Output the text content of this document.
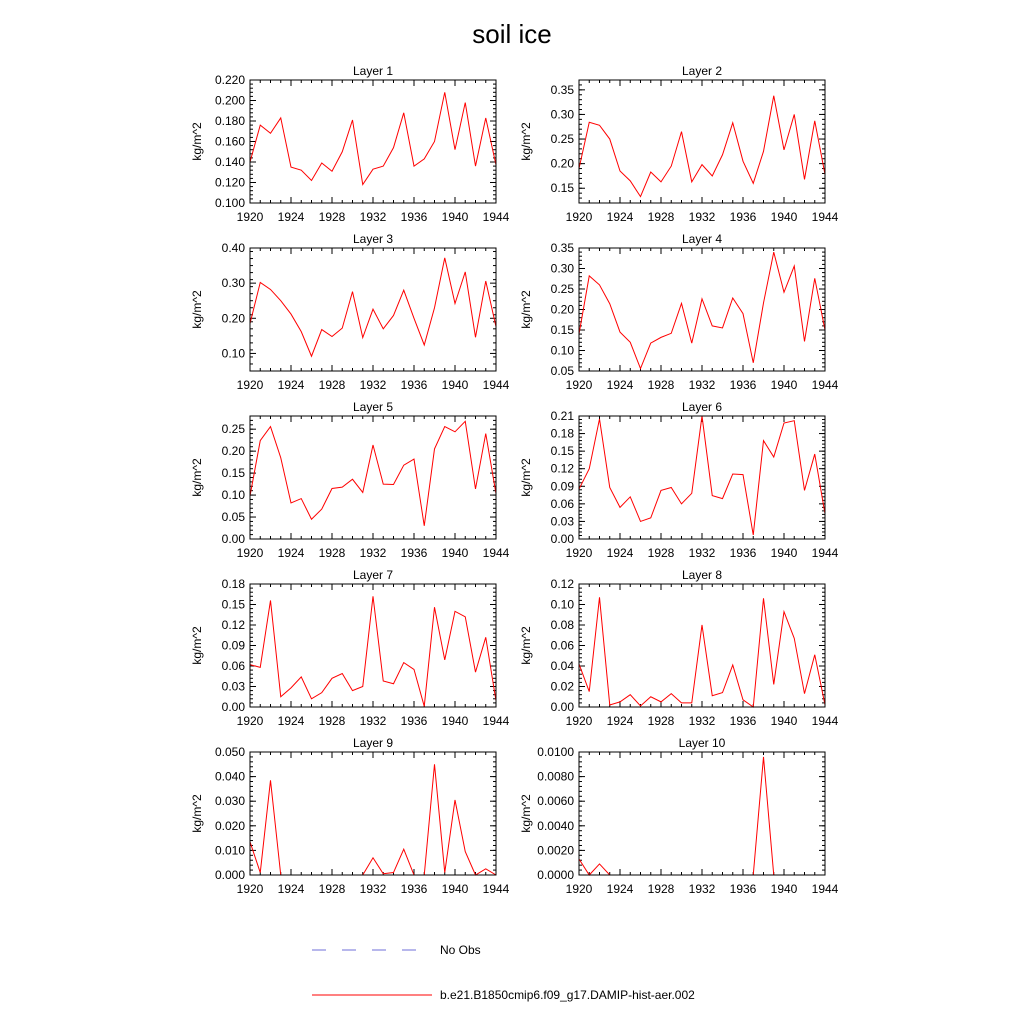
soil ice
Layer 1
kg/m^2
1920 1924 1928 1932 1936 1940 1944
0.100
0.120
0.140
0.160
0.180
0.200
0.220
Layer 2
kg/m^2
1920 1924 1928 1932 1936 1940 1944
0.15
0.20
0.25
0.30
0.35
Layer 3
kg/m^2
1920 1924 1928 1932 1936 1940 1944
0.10
0.20
0.30
0.40
Layer 4
kg/m^2
1920 1924 1928 1932 1936 1940 1944
0.05
0.10
0.15
0.20
0.25
0.30
0.35
Layer 5
kg/m^2
1920 1924 1928 1932 1936 1940 1944
0.00
0.05
0.10
0.15
0.20
0.25
Layer 6
kg/m^2
1920 1924 1928 1932 1936 1940 1944
0.00
0.03
0.06
0.09
0.12
0.15
0.18
0.21
Layer 7
kg/m^2
1920 1924 1928 1932 1936 1940 1944
0.00
0.03
0.06
0.09
0.12
0.15
0.18
Layer 8
kg/m^2
1920 1924 1928 1932 1936 1940 1944
0.00
0.02
0.04
0.06
0.08
0.10
0.12
Layer 9
kg/m^2
1920 1924 1928 1932 1936 1940 1944
0.000
0.010
0.020
0.030
0.040
0.050
Layer 10
kg/m^2
1920 1924 1928 1932 1936 1940 1944
0.0000
0.0020
0.0040
0.0060
0.0080
0.0100
No Obs
b.e21.B1850cmip6.f09_g17.DAMIP-hist-aer.002
